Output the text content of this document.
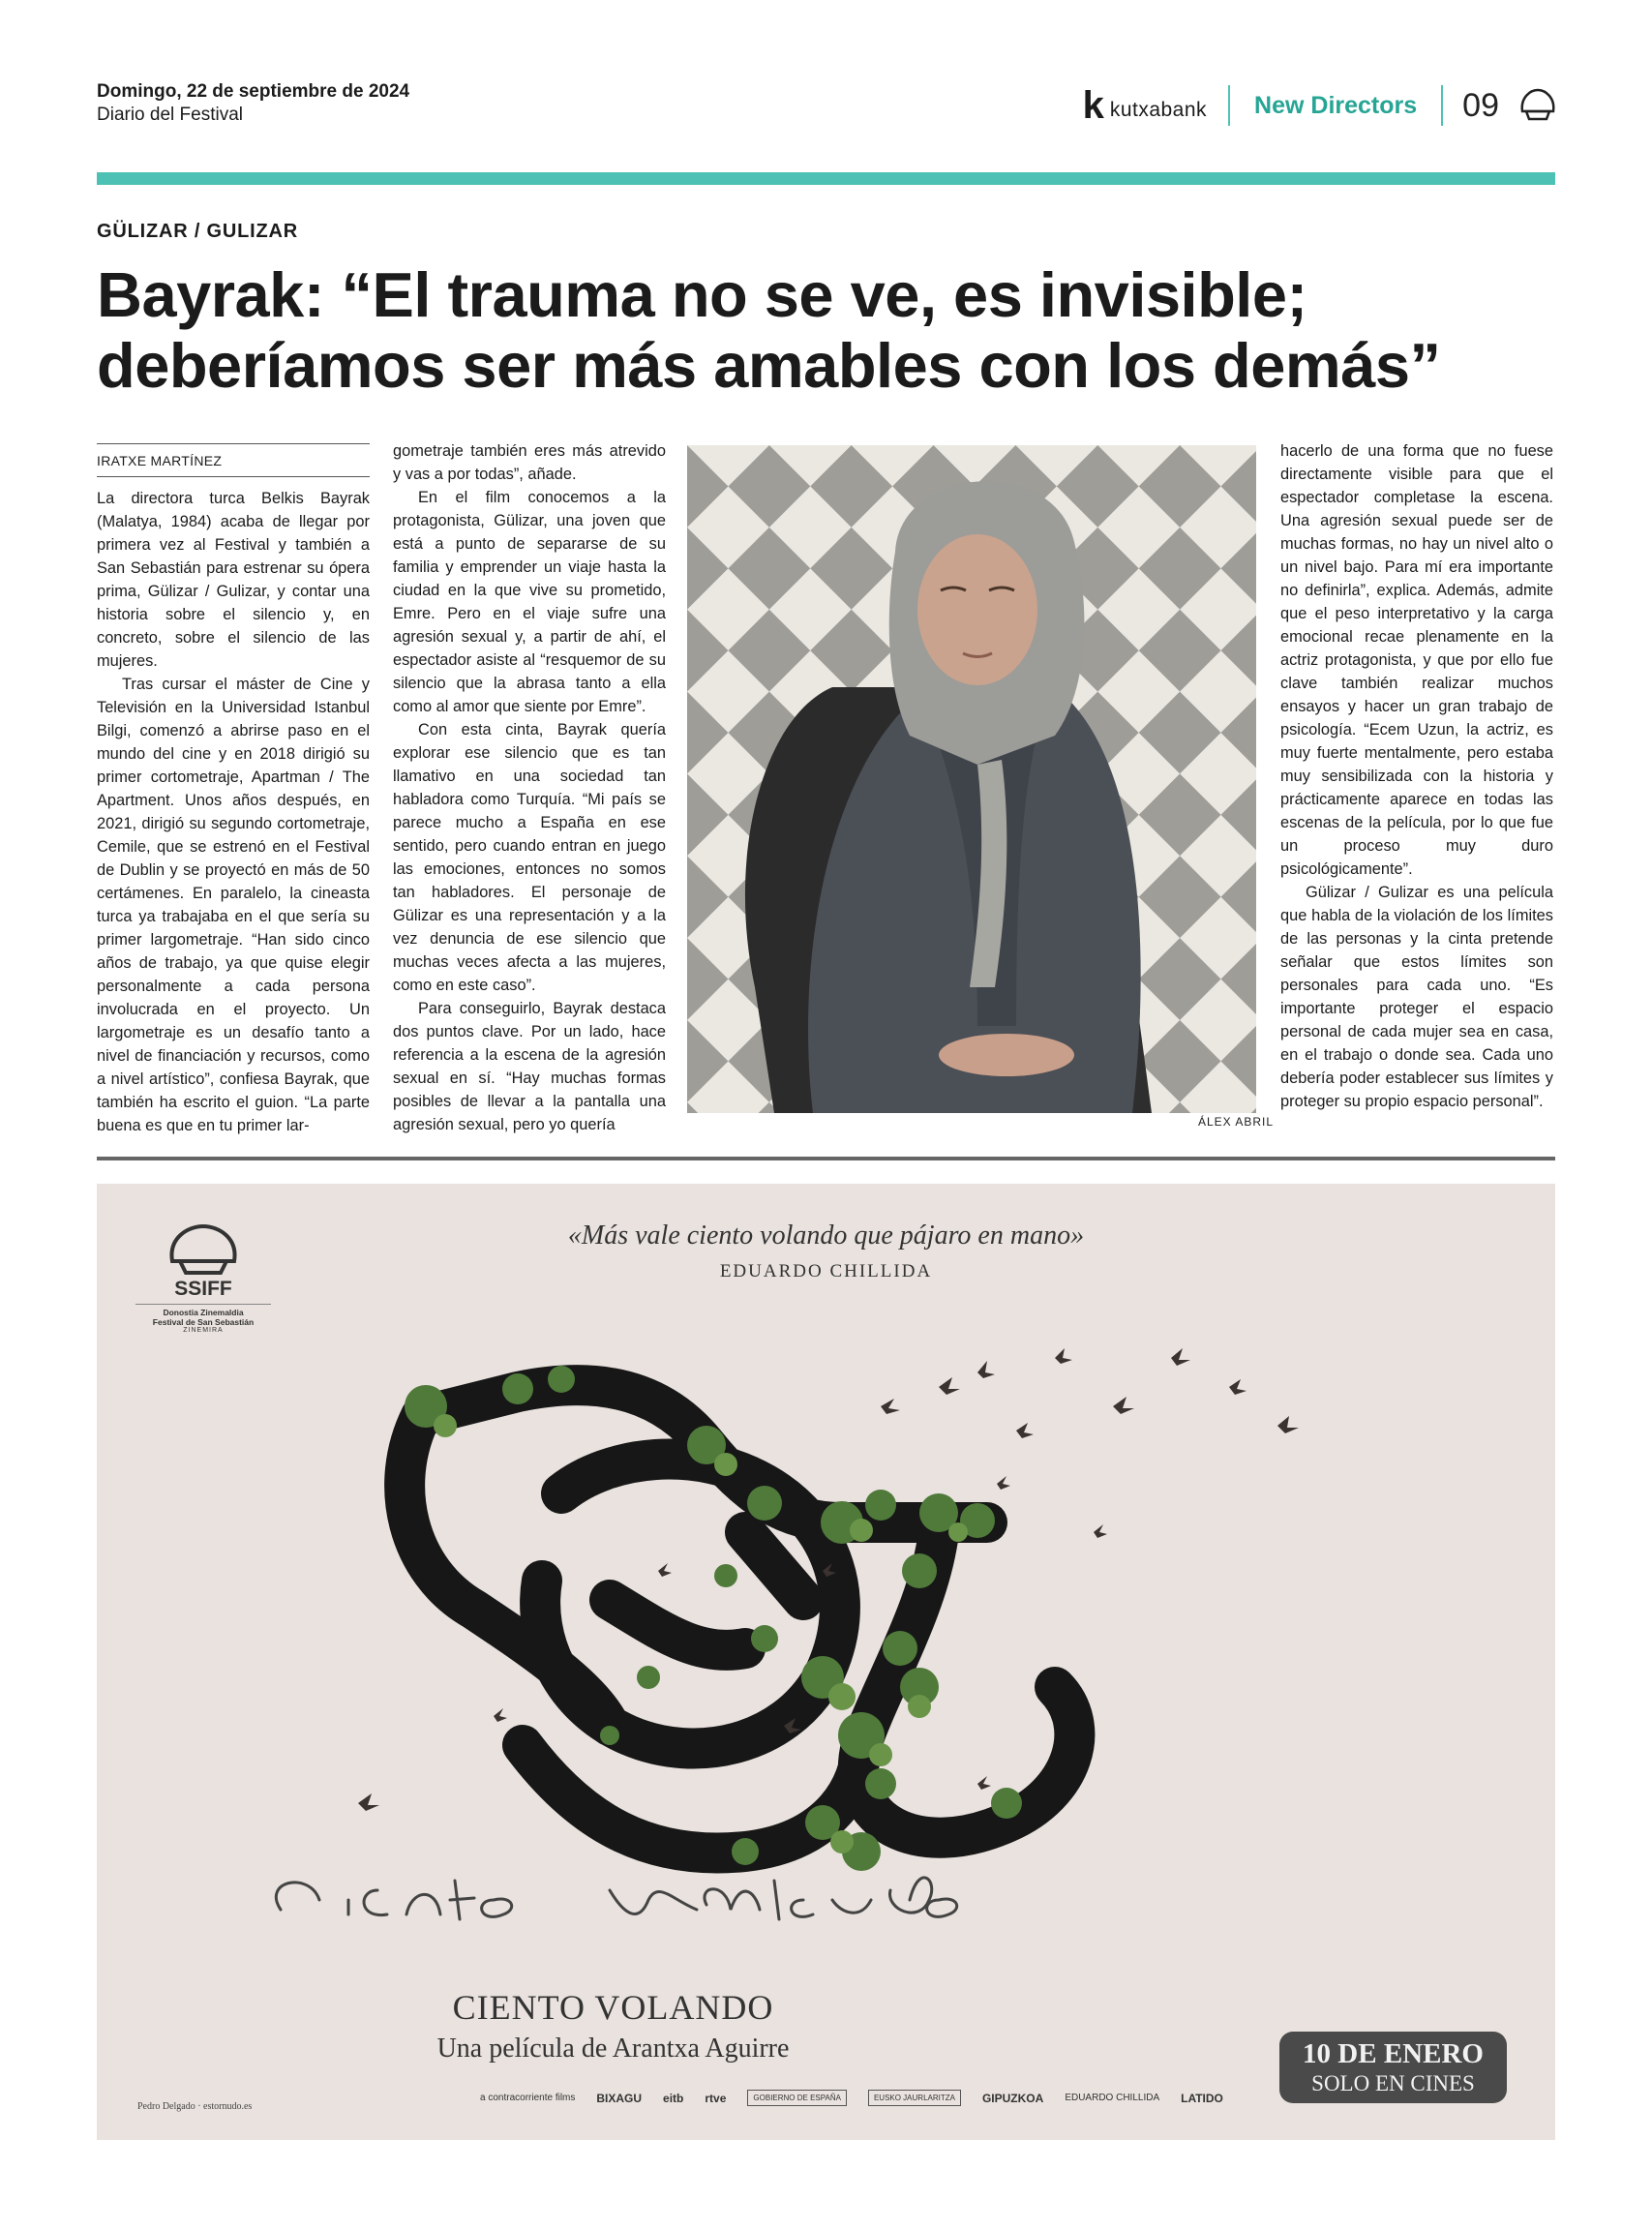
Domingo, 22 de septiembre de 2024
Diario del Festival	k kutxabank	New Directors	09
GÜLIZAR / GULIZAR
Bayrak: “El trauma no se ve, es invisible; deberíamos ser más amables con los demás”
IRATXE MARTÍNEZ

La directora turca Belkis Bayrak (Malatya, 1984) acaba de llegar por primera vez al Festival y también a San Sebastián para estrenar su ópera prima, Gülizar / Gulizar, y contar una historia sobre el silencio y, en concreto, sobre el silencio de las mujeres.

Tras cursar el máster de Cine y Televisión en la Universidad Istanbul Bilgi, comenzó a abrirse paso en el mundo del cine y en 2018 dirigió su primer cortometraje, Apartman / The Apartment. Unos años después, en 2021, dirigió su segundo cortometraje, Cemile, que se estrenó en el Festival de Dublin y se proyectó en más de 50 certámenes. En paralelo, la cineasta turca ya trabajaba en el que sería su primer largometraje. “Han sido cinco años de trabajo, ya que quise elegir personalmente a cada persona involucrada en el proyecto. Un largometraje es un desafío tanto a nivel de financiación y recursos, como a nivel artístico”, confiesa Bayrak, que también ha escrito el guion. “La parte buena es que en tu primer lar-

gometraje también eres más atrevido y vas a por todas”, añade.

En el film conocemos a la protagonista, Gülizar, una joven que está a punto de separarse de su familia y emprender un viaje hasta la ciudad en la que vive su prometido, Emre. Pero en el viaje sufre una agresión sexual y, a partir de ahí, el espectador asiste al “resquemor de su silencio que la abrasa tanto a ella como al amor que siente por Emre”.

Con esta cinta, Bayrak quería explorar ese silencio que es tan llamativo en una sociedad tan habladora como Turquía. “Mi país se parece mucho a España en ese sentido, pero cuando entran en juego las emociones, entonces no somos tan habladores. El personaje de Gülizar es una representación y a la vez denuncia de ese silencio que muchas veces afecta a las mujeres, como en este caso”.

Para conseguirlo, Bayrak destaca dos puntos clave. Por un lado, hace referencia a la escena de la agresión sexual en sí. “Hay muchas formas posibles de llevar a la pantalla una agresión sexual, pero yo quería	ÁLEX ABRIL

hacerlo de una forma que no fuese directamente visible para que el espectador completase la escena. Una agresión sexual puede ser de muchas formas, no hay un nivel alto o un nivel bajo. Para mí era importante no definirla”, explica. Además, admite que el peso interpretativo y la carga emocional recae plenamente en la actriz protagonista, y que por ello fue clave también realizar muchos ensayos y hacer un gran trabajo de psicología. “Ecem Uzun, la actriz, es muy fuerte mentalmente, pero estaba muy sensibilizada con la historia y prácticamente aparece en todas las escenas de la película, por lo que fue un proceso muy duro psicológicamente”.

Gülizar / Gulizar es una película que habla de la violación de los límites de las personas y la cinta pretende señalar que estos límites son personales para cada uno. “Es importante proteger el espacio personal de cada mujer sea en casa, en el trabajo o donde sea. Cada uno debería poder establecer sus límites y proteger su propio espacio personal”.

«Más vale ciento volando que pájaro en mano»
EDUARDO CHILLIDA
SSIFF
Donostia Zinemaldia
Festival de San Sebastián
ZINEMIRA
CIENTO VOLANDO
Una película de Arantxa Aguirre	10 DE ENERO
SOLO EN CINES
Pedro Delgado · estornudo.es
a contracorriente films BIXAGU eitb rtve	GOBIERNO DE ESPAÑA	EUSKO JAURLARITZA	GIPUZKOA EDUARDO CHILLIDA LATIDO
